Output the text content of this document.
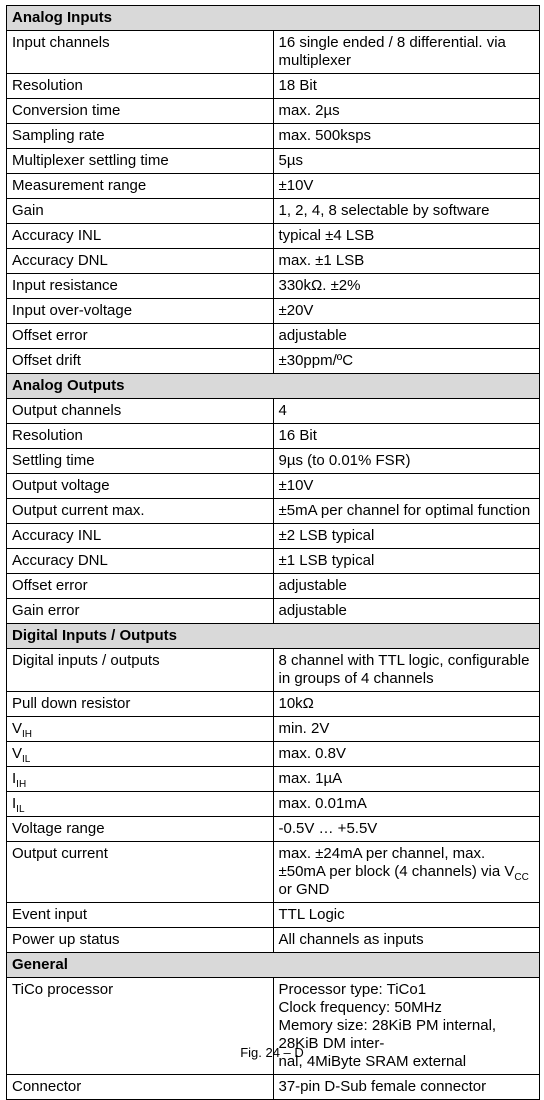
Analog Inputs	
Input channels	16 single ended / 8 differential. via multiplexer
Resolution	18 Bit
Conversion time	max. 2µs
Sampling rate	max. 500ksps
Multiplexer settling time	5µs
Measurement range	±10V
Gain	1, 2, 4, 8 selectable by software
Accuracy INL	typical ±4 LSB
Accuracy DNL	max. ±1 LSB
Input resistance	330kΩ. ±2%
Input over-voltage	±20V
Offset error	adjustable
Offset drift	±30ppm/ºC
Analog Outputs	
Output channels	4
Resolution	16 Bit
Settling time	9µs (to 0.01% FSR)
Output voltage	±10V
Output current max.	±5mA per channel for optimal function
Accuracy INL	±2 LSB typical
Accuracy DNL	±1 LSB typical
Offset error	adjustable
Gain error	adjustable
Digital Inputs / Outputs	
Digital inputs / outputs	8 channel with TTL logic, configurable in groups of 4 channels
Pull down resistor	10kΩ
$V_{IH}$	min. 2V
$V_{IL}$	max. 0.8V
$I_{IH}$	max. 1µA
$I_{IL}$	max. 0.01mA
Voltage range	-0.5V … +5.5V
Output current	max. ±24mA per channel, max. ±50mA per block (4 channels) via $V_{CC}$ or GND
Event input	TTL Logic
Power up status	All channels as inputs
General	
TiCo processor	Processor type: TiCo1
Clock frequency: 50MHz
Memory size: 28KiB PM internal, 28KiB DM inter-
nal, 4MiByte SRAM external

Connector	37-pin D-Sub female connector
Fig. 24 – D
